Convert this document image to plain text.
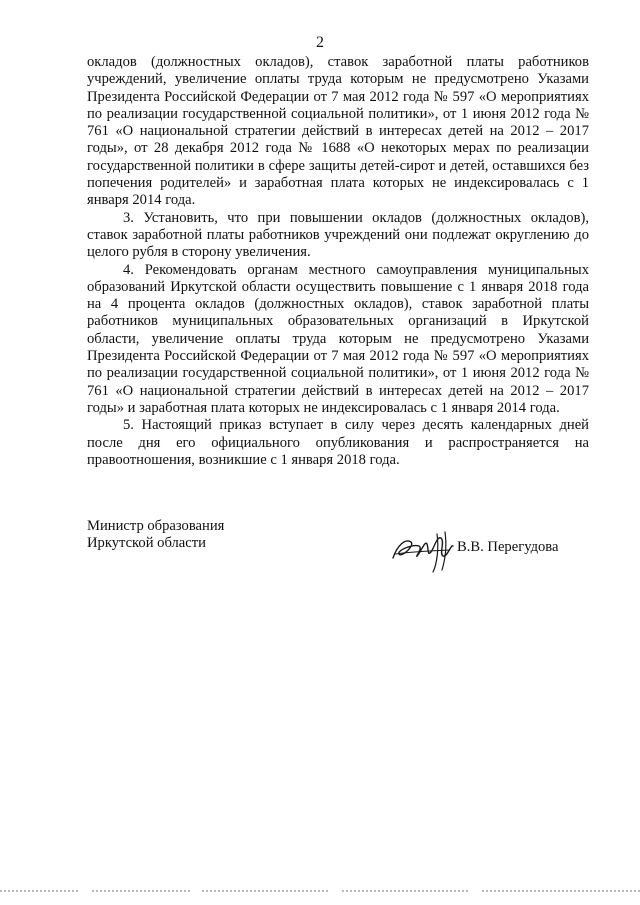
2

окладов (должностных окладов), ставок заработной платы работников учреждений, увеличение оплаты труда которым не предусмотрено Указами Президента Российской Федерации от 7 мая 2012 года № 597 «О мероприятиях по реализации государственной социальной политики», от 1 июня 2012 года № 761 «О национальной стратегии действий в интересах детей на 2012 – 2017 годы», от 28 декабря 2012 года № 1688 «О некоторых мерах по реализации государственной политики в сфере защиты детей-сирот и детей, оставшихся без попечения родителей» и заработная плата которых не индексировалась с 1 января 2014 года.

3. Установить, что при повышении окладов (должностных окладов), ставок заработной платы работников учреждений они подлежат округлению до целого рубля в сторону увеличения.

4. Рекомендовать органам местного самоуправления муниципальных образований Иркутской области осуществить повышение с 1 января 2018 года на 4 процента окладов (должностных окладов), ставок заработной платы работников муниципальных образовательных организаций в Иркутской области, увеличение оплаты труда которым не предусмотрено Указами Президента Российской Федерации от 7 мая 2012 года № 597 «О мероприятиях по реализации государственной социальной политики», от 1 июня 2012 года № 761 «О национальной стратегии действий в интересах детей на 2012 – 2017 годы» и заработная плата которых не индексировалась с 1 января 2014 года.

5. Настоящий приказ вступает в силу через десять календарных дней после дня его официального опубликования и распространяется на правоотношения, возникшие с 1 января 2018 года.

Министр образования
Иркутской области	В.В. Перегудова
